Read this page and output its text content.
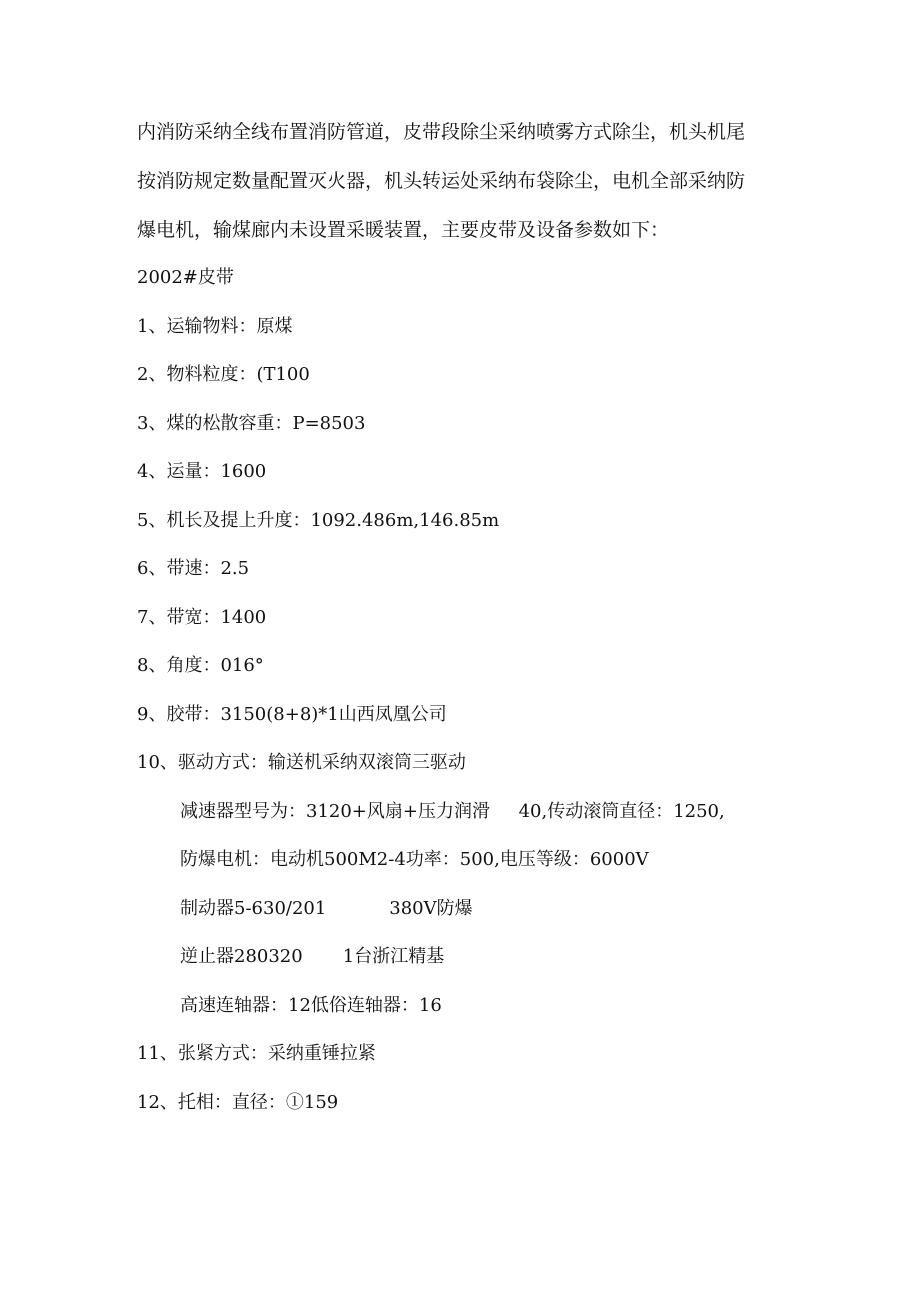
内消防采纳全线布置消防管道，皮带段除尘采纳喷雾方式除尘，机头机尾
按消防规定数量配置灭火器，机头转运处采纳布袋除尘，电机全部采纳防
爆电机，输煤廊内未设置采暖装置，主要皮带及设备参数如下：
2002#皮带
1、运输物料：原煤
2、物料粒度：(T100
3、煤的松散容重：P=8503
4、运量：1600
5、机长及提上升度：1092.486m,146.85m
6、带速：2.5
7、带宽：1400
8、角度：016°
9、胶带：3150(8+8)*1山西凤凰公司
10、驱动方式：输送机采纳双滚筒三驱动
减速器型号为：3120+风扇+压力润滑     40,传动滚筒直径：1250,
防爆电机：电动机500M2-4功率：500,电压等级：6000V
制动器5-630/201           380V防爆
逆止器280320       1台浙江精基
高速连轴器：12低俗连轴器：16
11、张紧方式：采纳重锤拉紧
12、托相：直径：①159
